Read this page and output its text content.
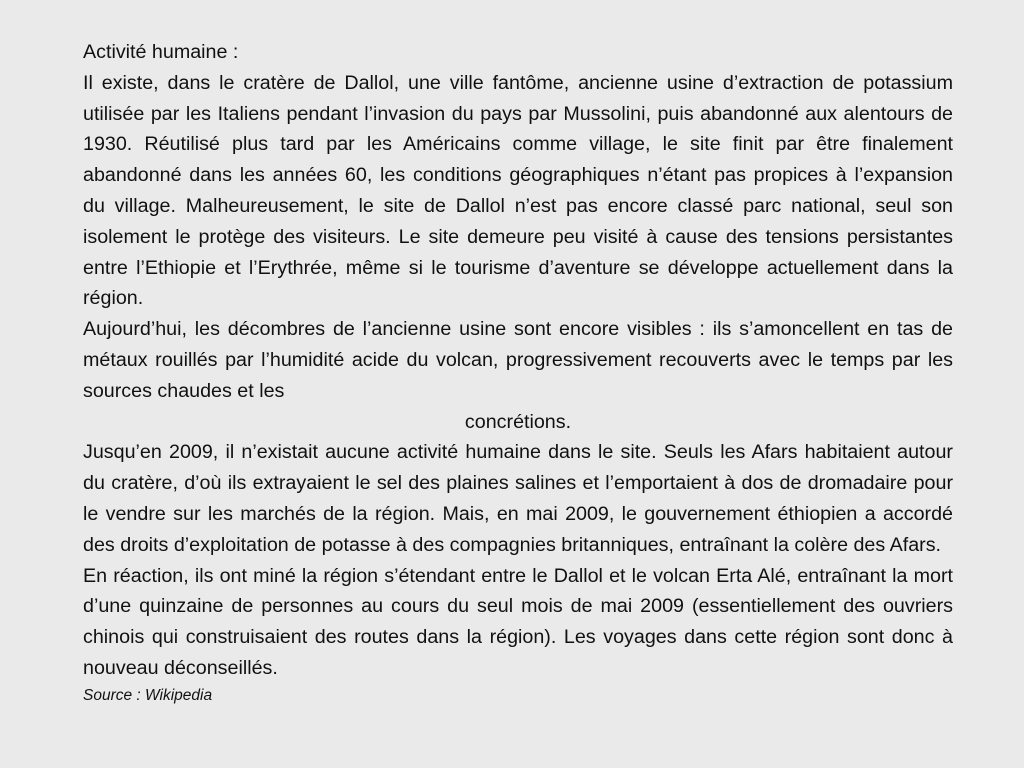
Activité humaine :

Il existe, dans le cratère de Dallol, une ville fantôme, ancienne usine d’extraction de potassium utilisée par les Italiens pendant l’invasion du pays par Mussolini, puis abandonné aux alentours de 1930. Réutilisé plus tard par les Américains comme village, le site finit par être finalement abandonné dans les années 60, les conditions géographiques n’étant pas propices à l’expansion du village. Malheureusement, le site de Dallol n’est pas encore classé parc national, seul son isolement le protège des visiteurs. Le site demeure peu visité à cause des tensions persistantes entre l’Ethiopie et l’Erythrée, même si le tourisme d’aventure se développe actuellement dans la région.

Aujourd’hui, les décombres de l’ancienne usine sont encore visibles : ils s’amoncellent en tas de métaux rouillés par l’humidité acide du volcan, progressivement recouverts avec le temps par les sources chaudes et les

concrétions.

Jusqu’en 2009, il n’existait aucune activité humaine dans le site. Seuls les Afars habitaient autour du cratère, d’où ils extrayaient le sel des plaines salines et l’emportaient à dos de dromadaire pour le vendre sur les marchés de la région. Mais, en mai 2009, le gouvernement éthiopien a accordé des droits d’exploitation de potasse à des compagnies britanniques, entraînant la colère des Afars.

En réaction, ils ont miné la région s’étendant entre le Dallol et le volcan Erta Alé, entraînant la mort d’une quinzaine de personnes au cours du seul mois de mai 2009 (essentiellement des ouvriers chinois qui construisaient des routes dans la région). Les voyages dans cette région sont donc à nouveau déconseillés.

Source : Wikipedia
